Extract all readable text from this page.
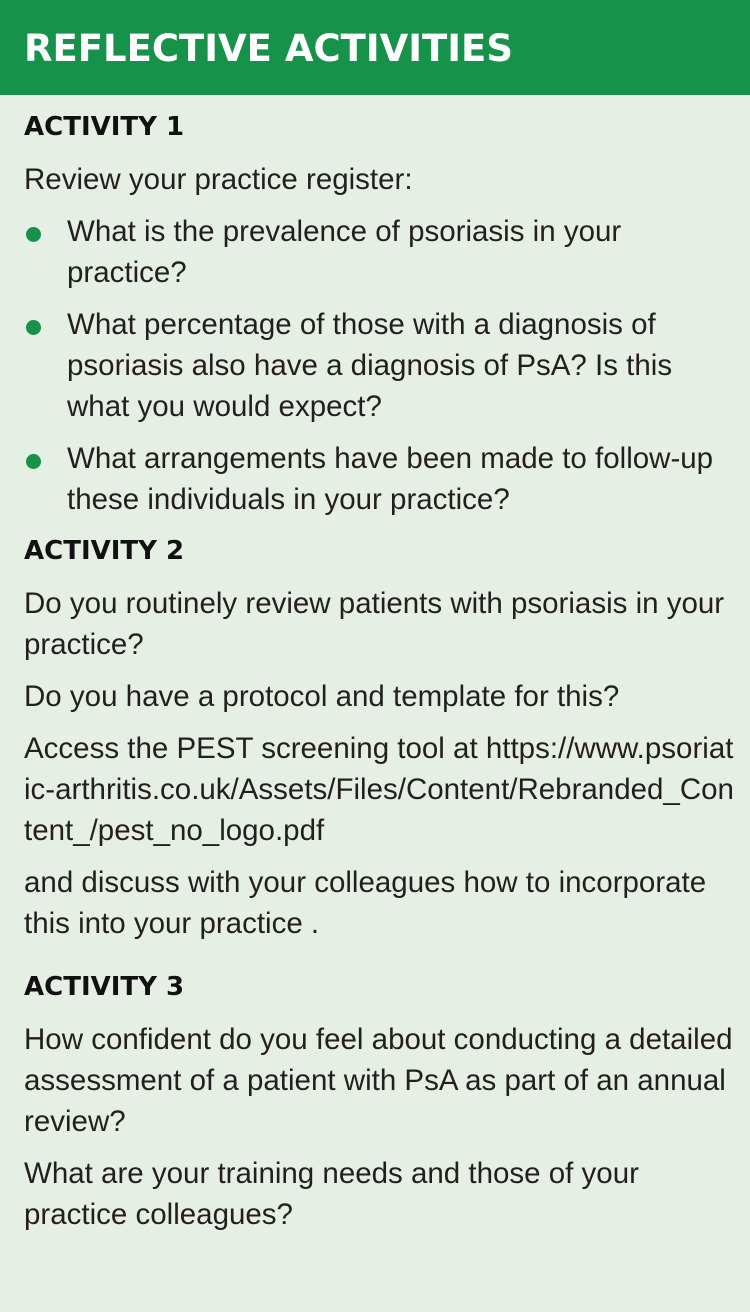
REFLECTIVE ACTIVITIES
ACTIVITY 1

Review your practice register:

What is the prevalence of psoriasis in your practice?
What percentage of those with a diagnosis of psoriasis also have a diagnosis of PsA? Is this what you would expect?
What arrangements have been made to follow-up these individuals in your practice?
ACTIVITY 2

Do you routinely review patients with psoriasis in your practice?

Do you have a protocol and template for this?

Access the PEST screening tool at https://www.psoriatic-arthritis.co.uk/Assets/Files/Content/Rebranded_Content_/pest_no_logo.pdf

and discuss with your colleagues how to incorporate this into your practice .

ACTIVITY 3

How confident do you feel about conducting a detailed assessment of a patient with PsA as part of an annual review?

What are your training needs and those of your practice colleagues?
